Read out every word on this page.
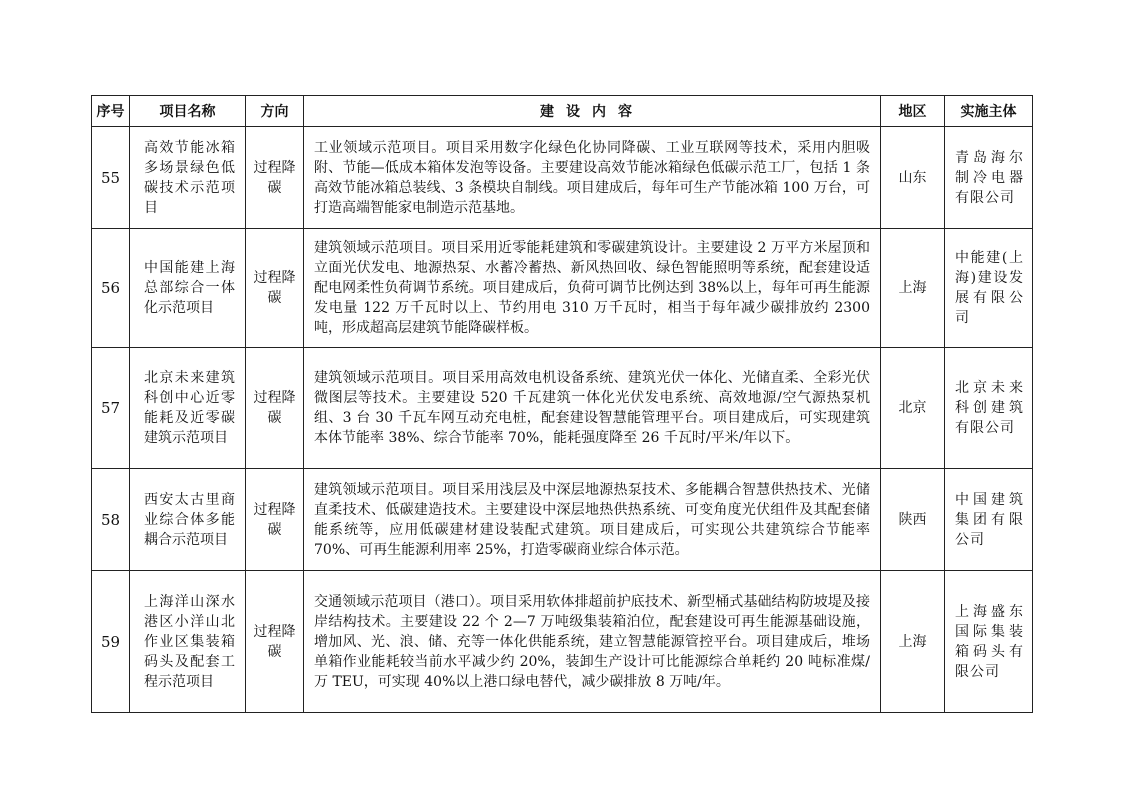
序号	项目名称	方向	建设内容	地区	实施主体
55	高效节能冰箱多场景绿色低碳技术示范项目	过程降碳	工业领域示范项目。项目采用数字化绿色化协同降碳、工业互联网等技术，采用内胆吸附、节能—低成本箱体发泡等设备。主要建设高效节能冰箱绿色低碳示范工厂，包括 1 条高效节能冰箱总装线、3 条模块自制线。项目建成后，每年可生产节能冰箱 100 万台，可打造高端智能家电制造示范基地。	山东	青岛海尔制冷电器有限公司
56	中国能建上海总部综合一体化示范项目	过程降碳	建筑领域示范项目。项目采用近零能耗建筑和零碳建筑设计。主要建设 2 万平方米屋顶和立面光伏发电、地源热泵、水蓄冷蓄热、新风热回收、绿色智能照明等系统，配套建设适配电网柔性负荷调节系统。项目建成后，负荷可调节比例达到 38%以上，每年可再生能源发电量 122 万千瓦时以上、节约用电 310 万千瓦时，相当于每年减少碳排放约 2300 吨，形成超高层建筑节能降碳样板。	上海	中能建(上海)建设发展有限公司
57	北京未来建筑科创中心近零能耗及近零碳建筑示范项目	过程降碳	建筑领域示范项目。项目采用高效电机设备系统、建筑光伏一体化、光储直柔、全彩光伏微图层等技术。主要建设 520 千瓦建筑一体化光伏发电系统、高效地源/空气源热泵机组、3 台 30 千瓦车网互动充电桩，配套建设智慧能管理平台。项目建成后，可实现建筑本体节能率 38%、综合节能率 70%，能耗强度降至 26 千瓦时/平米/年以下。	北京	北京未来科创建筑有限公司
58	西安太古里商业综合体多能耦合示范项目	过程降碳	建筑领域示范项目。项目采用浅层及中深层地源热泵技术、多能耦合智慧供热技术、光储直柔技术、低碳建造技术。主要建设中深层地热供热系统、可变角度光伏组件及其配套储能系统等，应用低碳建材建设装配式建筑。项目建成后，可实现公共建筑综合节能率 70%、可再生能源利用率 25%，打造零碳商业综合体示范。	陕西	中国建筑集团有限公司
59	上海洋山深水港区小洋山北作业区集装箱码头及配套工程示范项目	过程降碳	交通领域示范项目（港口）。项目采用软体排超前护底技术、新型桶式基础结构防坡堤及接岸结构技术。主要建设 22 个 2—7 万吨级集装箱泊位，配套建设可再生能源基础设施，增加风、光、浪、储、充等一体化供能系统，建立智慧能源管控平台。项目建成后，堆场单箱作业能耗较当前水平减少约 20%，装卸生产设计可比能源综合单耗约 20 吨标准煤/万 TEU，可实现 40%以上港口绿电替代，减少碳排放 8 万吨/年。	上海	上海盛东国际集装箱码头有限公司
